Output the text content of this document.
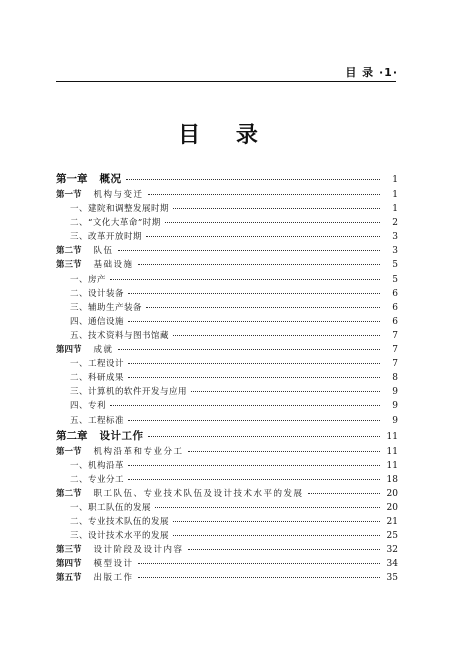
目 录 ·1·
目 录
第一章 概况	1
第一节 机构与变迁	1
一、建院和调整发展时期	1
二、“文化大革命”时期	2
三、改革开放时期	3
第二节 队伍	3
第三节 基础设施	5
一、房产	5
二、设计装备	6
三、辅助生产装备	6
四、通信设施	6
五、技术资料与图书馆藏	7
第四节 成就	7
一、工程设计	7
二、科研成果	8
三、计算机的软件开发与应用	9
四、专利	9
五、工程标准	9
第二章 设计工作	11
第一节 机构沿革和专业分工	11
一、机构沿革	11
二、专业分工	18
第二节 职工队伍、专业技术队伍及设计技术水平的发展	20
一、职工队伍的发展	20
二、专业技术队伍的发展	21
三、设计技术水平的发展	25
第三节 设计阶段及设计内容	32
第四节 模型设计	34
第五节 出版工作	35
